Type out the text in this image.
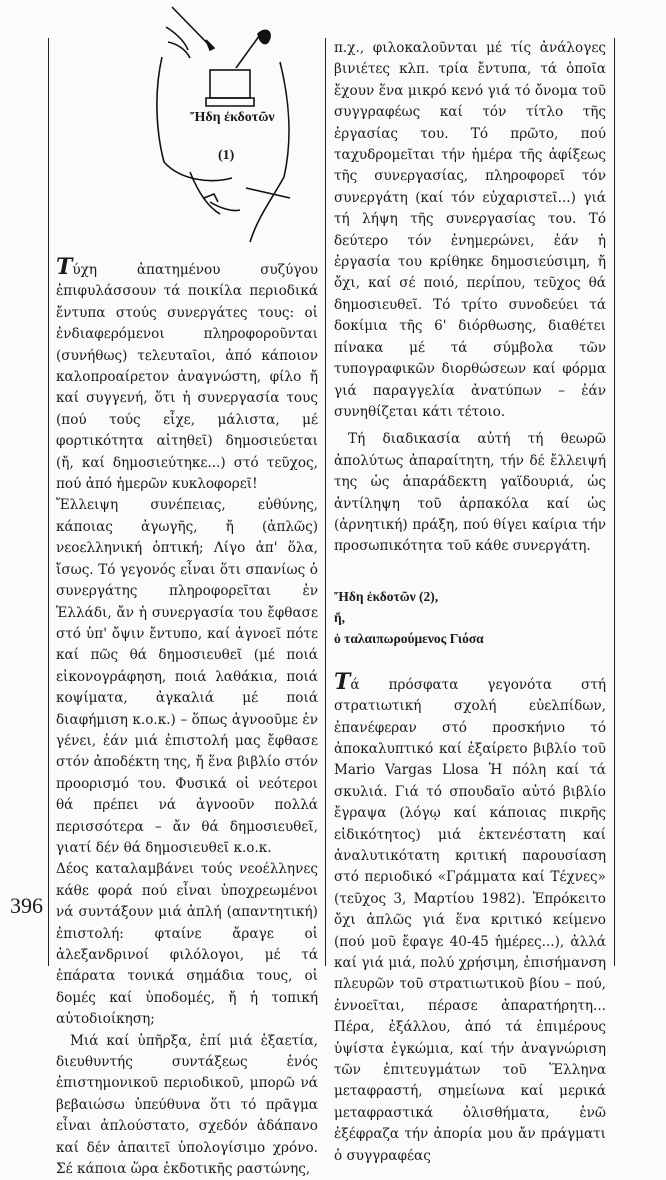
Ἤδη ἐκδοτῶν
(1)

Τύχη ἀπατημένου συζύγου ἐπιφυλάσσουν τά ποικίλα περιοδικά ἔντυπα στούς συνεργάτες τους: οἱ ἐνδιαφερόμενοι πληροφοροῦνται (συνήθως) τελευταῖοι, ἀπό κάποιον καλοπροαίρετον ἀναγνώστη, φίλο ἤ καί συγγενή, ὅτι ἡ συνεργασία τους (πού τούς εἶχε, μάλιστα, μέ φορτικότητα αἰτηθεῖ) δημοσιεύεται (ἤ, καί δημοσιεύτηκε...) στό τεῦχος, πού ἀπό ἡμερῶν κυκλοφορεῖ!

Ἔλλειψη συνέπειας, εὐθύνης, κάποιας ἀγωγῆς, ἤ (ἁπλῶς) νεοελληνική ὀπτική; Λίγο ἀπ' ὅλα, ἴσως. Τό γεγονός εἶναι ὅτι σπανίως ὁ συνεργάτης πληροφορεῖται ἐν Ἑλλάδι, ἄν ἡ συνεργασία του ἔφθασε στό ὑπ' ὄψιν ἔντυπο, καί ἀγνοεῖ πότε καί πῶς θά δημοσιευθεῖ (μέ ποιά εἰκονογράφηση, ποιά λαθάκια, ποιά κοψίματα, ἀγκαλιά μέ ποιά διαφήμιση κ.ο.κ.) – ὅπως ἀγνοοῦμε ἐν γένει, ἐάν μιά ἐπιστολή μας ἔφθασε στόν ἀποδέκτη της, ἤ ἕνα βιβλίο στόν προορισμό του. Φυσικά οἱ νεότεροι θά πρέπει νά ἀγνοοῦν πολλά περισσότερα – ἄν θά δημοσιευθεῖ, γιατί δέν θά δημοσιευθεῖ κ.ο.κ.

Δέος καταλαμβάνει τούς νεοέλληνες κάθε φορά πού εἶναι ὑποχρεωμένοι νά συντάξουν μιά ἁπλή (απαντητική) ἐπιστολή: φταίνε ἄραγε οἱ ἀλεξανδρινοί φιλόλογοι, μέ τά ἐπάρατα τονικά σημάδια τους, οἱ δομές καί ὑποδομές, ἤ ἡ τοπική αὐτοδιοίκηση;

Μιά καί ὑπῆρξα, ἐπί μιά ἑξαετία, διευθυντής συντάξεως ἑνός ἐπιστημονικοῦ περιοδικοῦ, μπορῶ νά βεβαιώσω ὑπεύθυνα ὅτι τό πρᾶγμα εἶναι ἁπλούστατο, σχεδόν ἀδάπανο καί δέν ἀπαιτεῖ ὑπολογίσιμο χρόνο. Σέ κάποια ὥρα ἐκδοτικῆς ραστώνης,

π.χ., φιλοκαλοῦνται μέ τίς ἀνάλογες βινιέτες κλπ. τρία ἔντυπα, τά ὁποῖα ἔχουν ἕνα μικρό κενό γιά τό ὄνομα τοῦ συγγραφέως καί τόν τίτλο τῆς ἐργασίας του. Τό πρῶτο, πού ταχυδρομεῖται τήν ἡμέρα τῆς ἀφίξεως τῆς συνεργασίας, πληροφορεῖ τόν συνεργάτη (καί τόν εὐχαριστεῖ...) γιά τή λήψη τῆς συνεργασίας του. Τό δεύτερο τόν ἐνημερώνει, ἐάν ἡ ἐργασία του κρίθηκε δημοσιεύσιμη, ἤ ὄχι, καί σέ ποιό, περίπου, τεῦχος θά δημοσιευθεῖ. Τό τρίτο συνοδεύει τά δοκίμια τῆς 6' διόρθωσης, διαθέτει πίνακα μέ τά σύμβολα τῶν τυπογραφικῶν διορθώσεων καί φόρμα γιά παραγγελία ἀνατύπων – ἐάν συνηθίζεται κάτι τέτοιο.

Τή διαδικασία αὐτή τή θεωρῶ ἀπολύτως ἀπαραίτητη, τήν δέ ἔλλειψή της ὡς ἀπαράδεκτη γαϊδουριά, ὡς ἀντίληψη τοῦ ἁρπακόλα καί ὡς (ἀρνητική) πράξη, πού θίγει καίρια τήν προσωπικότητα τοῦ κάθε συνεργάτη.

Ἤδη ἐκδοτῶν (2),
ἤ,
ὁ ταλαιπωρούμενος Γιόσα

Τά πρόσφατα γεγονότα στή στρατιωτική σχολή εὐελπίδων, ἐπανέφεραν στό προσκήνιο τό ἀποκαλυπτικό καί ἐξαίρετο βιβλίο τοῦ Mario Vargas Llosa Ἡ πόλη καί τά σκυλιά. Γιά τό σπουδαῖο αὐτό βιβλίο ἔγραψα (λόγῳ καί κάποιας πικρῆς εἰδικότητος) μιά ἐκτενέστατη καί ἀναλυτικότατη κριτική παρουσίαση στό περιοδικό «Γράμματα καί Τέχνες» (τεῦχος 3, Μαρτίου 1982). Ἐπρόκειτο ὄχι ἁπλῶς γιά ἕνα κριτικό κείμενο (πού μοῦ ἔφαγε 40-45 ἡμέρες...), ἀλλά καί γιά μιά, πολύ χρήσιμη, ἐπισήμανση πλευρῶν τοῦ στρατιωτικοῦ βίου – πού, ἐννοεῖται, πέρασε ἀπαρατήρητη... Πέρα, ἐξάλλου, ἀπό τά ἐπιμέρους ὑψίστα ἐγκώμια, καί τήν ἀναγνώριση τῶν ἐπιτευγμάτων τοῦ Ἕλληνα μεταφραστή, σημείωνα καί μερικά μεταφραστικά ὀλισθήματα, ἐνῶ ἐξέφραζα τήν ἀπορία μου ἄν πράγματι ὁ συγγραφέας

396
